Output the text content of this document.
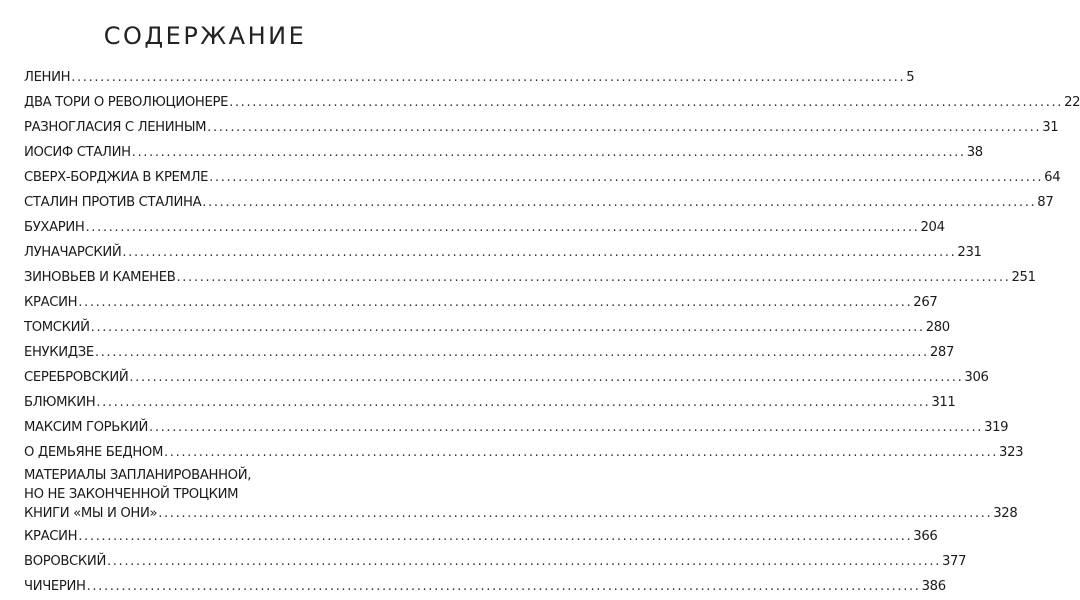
СОДЕРЖАНИЕ
ЛЕНИН .....	5
ДВА ТОРИ О РЕВОЛЮЦИОНЕРЕ .....	22
РАЗНОГЛАСИЯ С ЛЕНИНЫМ .....	31
ИОСИФ СТАЛИН .....	38
СВЕРХ-БОРДЖИА В КРЕМЛЕ .....	64
СТАЛИН ПРОТИВ СТАЛИНА .....	87
БУХАРИН .....	204
ЛУНАЧАРСКИЙ .....	231
ЗИНОВЬЕВ И КАМЕНЕВ .....	251
КРАСИН .....	267
ТОМСКИЙ .....	280
ЕНУКИДЗЕ .....	287
СЕРЕБРОВСКИЙ .....	306
БЛЮМКИН .....	311
МАКСИМ ГОРЬКИЙ .....	319
О ДЕМЬЯНЕ БЕДНОМ .....	323
МАТЕРИАЛЫ ЗАПЛАНИРОВАННОЙ,
НО НЕ ЗАКОНЧЕННОЙ ТРОЦКИМ
КНИГИ «МЫ И ОНИ» .....	328
КРАСИН .....	366
ВОРОВСКИЙ .....	377
ЧИЧЕРИН .....	386
